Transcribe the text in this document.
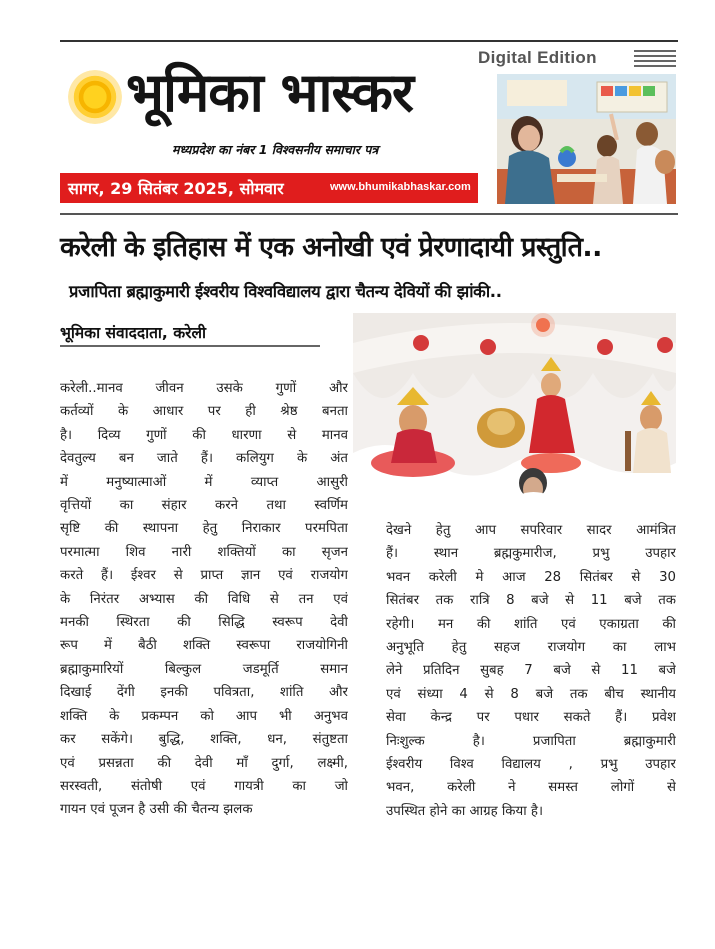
Digital Edition
भूमिका भास्कर
मध्यप्रदेश का नंबर 1 विश्वसनीय समाचार पत्र
सागर, 29 सितंबर 2025, सोमवार	www.bhumikabhaskar.com
करेली के इतिहास में एक अनोखी एवं प्रेरणादायी प्रस्तुति..
प्रजापिता ब्रह्माकुमारी ईश्वरीय विश्वविद्यालय द्वारा चैतन्य देवियों की झांकी..
भूमिका संवाददाता, करेली
करेली..मानव जीवन उसके गुणों और
कर्तव्यों के आधार पर ही श्रेष्ठ बनता
है। दिव्य गुणों की धारणा से मानव
देवतुल्य बन जाते हैं। कलियुग के अंत
में मनुष्यात्माओं में व्याप्त आसुरी
वृत्तियों का संहार करने तथा स्वर्णिम
सृष्टि की स्थापना हेतु निराकार परमपिता
परमात्मा शिव नारी शक्तियों का सृजन
करते हैं। ईश्वर से प्राप्त ज्ञान एवं राजयोग
के निरंतर अभ्यास की विधि से तन एवं
मनकी स्थिरता की सिद्धि स्वरूप देवी
रूप में बैठी शक्ति स्वरूपा राजयोगिनी
ब्रह्माकुमारियों बिल्कुल जडमूर्ति समान
दिखाई देंगी इनकी पवित्रता, शांति और
शक्ति के प्रकम्पन को आप भी अनुभव
कर सकेंगे। बुद्धि, शक्ति, धन, संतुष्टता
एवं प्रसन्नता की देवी माँ दुर्गा, लक्ष्मी,
सरस्वती, संतोषी एवं गायत्री का जो
गायन एवं पूजन है उसी की चैतन्य झलक
देखने हेतु आप सपरिवार सादर आमंत्रित
हैं। स्थान ब्रह्मकुमारीज, प्रभु उपहार
भवन करेली मे आज 28 सितंबर से 30
सितंबर तक रात्रि 8 बजे से 11 बजे तक
रहेगी। मन की शांति एवं एकाग्रता की
अनुभूति हेतु सहज राजयोग का लाभ
लेने प्रतिदिन सुबह 7 बजे से 11 बजे
एवं संध्या 4 से 8 बजे तक बीच स्थानीय
सेवा केन्द्र पर पधार सकते हैं। प्रवेश
निःशुल्क है। प्रजापिता ब्रह्माकुमारी
ईश्वरीय विश्व विद्यालय , प्रभु उपहार
भवन, करेली ने समस्त लोगों से
उपस्थित होने का आग्रह किया है।
